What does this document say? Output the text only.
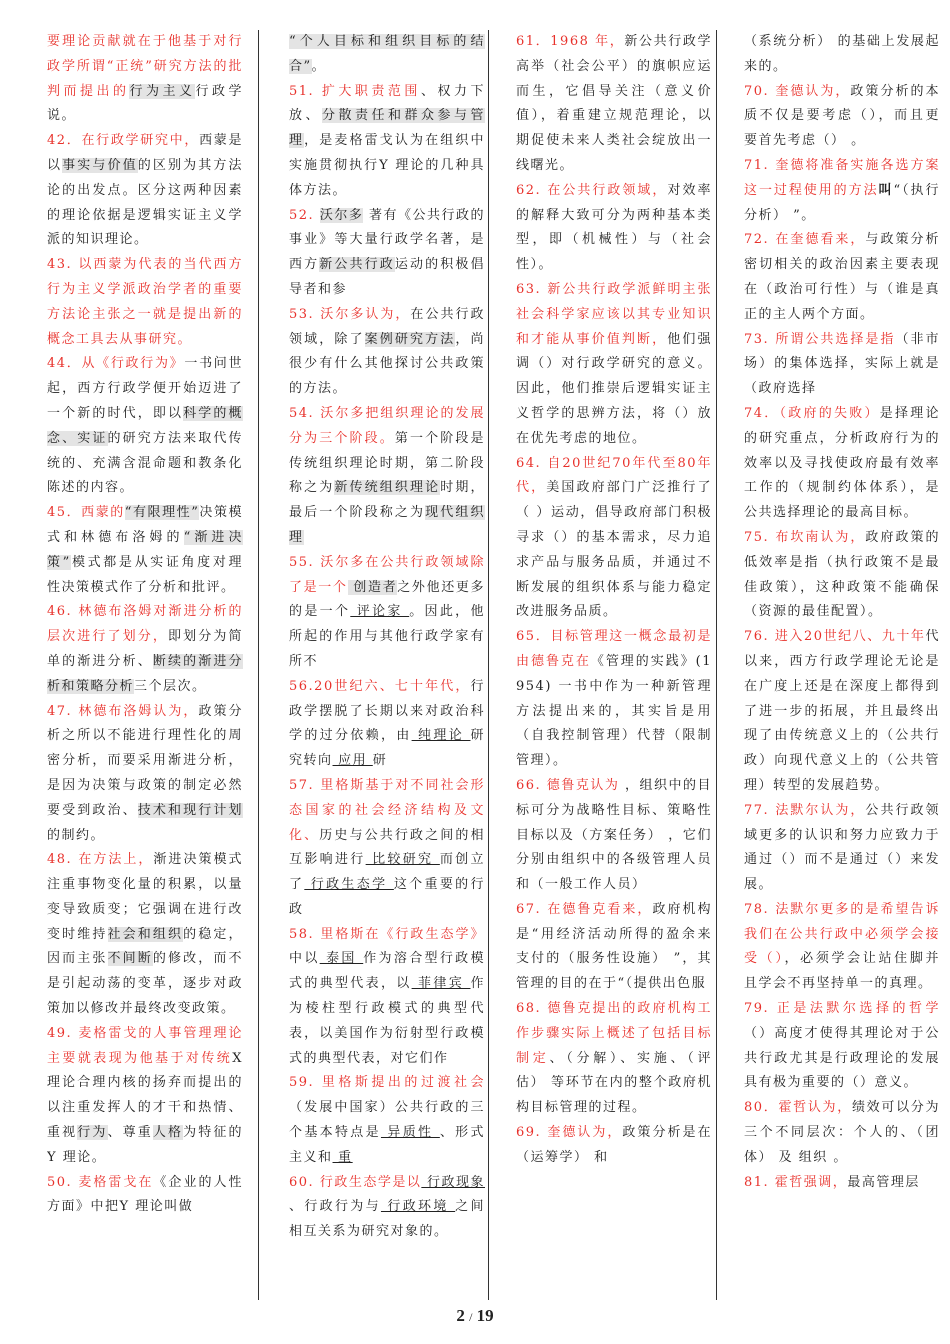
要理论贡献就在于他基于对行政学所谓“正统”研究方法的批判而提出的行为主义行政学说。
42．在行政学研究中，西蒙是以事实与价值的区别为其方法论的出发点。区分这两种因素的理论依据是逻辑实证主义学派的知识理论。
43. 以西蒙为代表的当代西方行为主义学派政治学者的重要方法论主张之一就是提出新的概念工具去从事研究。
44．从《行政行为》一书问世起，西方行政学便开始迈进了一个新的时代，即以科学的概念、实证的研究方法来取代传统的、充满含混命题和教条化陈述的内容。
45．西蒙的“有限理性”决策模式和林德布洛姆的“渐进决策”模式都是从实证角度对理性决策模式作了分析和批评。
46. 林德布洛姆对渐进分析的层次进行了划分，即划分为简单的渐进分析、断续的渐进分析和策略分析三个层次。
47. 林德布洛姆认为，政策分析之所以不能进行理性化的周密分析，而要采用渐进分析，是因为决策与政策的制定必然要受到政治、技术和现行计划的制约。
48. 在方法上，渐进决策模式注重事物变化量的积累，以量变导致质变；它强调在进行改变时维持社会和组织的稳定，因而主张不间断的修改，而不是引起动荡的变革，逐步对政策加以修改并最终改变政策。
49. 麦格雷戈的人事管理理论主要就表现为他基于对传统X 理论合理内核的扬弃而提出的以注重发挥人的才干和热情、重视行为、尊重人格为特征的Y 理论。
50. 麦格雷戈在《企业的人性方面》中把Y 理论叫做
“个人目标和组织目标的结合”。
51. 扩大职责范围、权力下放、分散责任和群众参与管理，是麦格雷戈认为在组织中实施贯彻执行Y 理论的几种具体方法。
52. 沃尔多 著有《公共行政的事业》等大量行政学名著，是西方新公共行政运动的积极倡导者和参
53. 沃尔多认为，在公共行政领域，除了案例研究方法，尚很少有什么其他探讨公共政策的方法。
54. 沃尔多把组织理论的发展分为三个阶段。第一个阶段是传统组织理论时期，第二阶段称之为新传统组织理论时期，最后一个阶段称之为现代组织理
55. 沃尔多在公共行政领域除了是一个 创造者之外他还更多的是一个 评论家 。因此，他所起的作用与其他行政学家有所不
56.20世纪六、七十年代，行政学摆脱了长期以来对政治科学的过分依赖，由 纯理论 研究转向 应用 研
57. 里格斯基于对不同社会形态国家的社会经济结构及文化、历史与公共行政之间的相互影响进行 比较研究 而创立了 行政生态学 这个重要的行政
58. 里格斯在《行政生态学》中以 泰国 作为溶合型行政模式的典型代表，以 菲律宾 作为棱柱型行政模式的典型代表，以美国作为衍射型行政模式的典型代表，对它们作
59. 里格斯提出的过渡社会（发展中国家）公共行政的三个基本特点是 异质性 、形式主义和 重
60. 行政生态学是以 行政现象 、行政行为与 行政环境 之间相互关系为研究对象的。
61．1968 年，新公共行政学高举（社会公平）的旗帜应运而生，它倡导关注（意义价值），着重建立规范理论，以期促使未来人类社会绽放出一线曙光。
62. 在公共行政领域，对效率的解释大致可分为两种基本类型，即（机械性）与（社会性）。
63. 新公共行政学派鲜明主张社会科学家应该以其专业知识和才能从事价值判断，他们强调（）对行政学研究的意义。因此，他们推崇后逻辑实证主义哲学的思辨方法，将（）放在优先考虑的地位。
64. 自20世纪70年代至80年代，美国政府部门广泛推行了（ ）运动，倡导政府部门积极寻求（）的基本需求，尽力追求产品与服务品质，并通过不断发展的组织体系与能力稳定改进服务品质。
65．目标管理这一概念最初是由德鲁克在《管理的实践》(1954) 一书中作为一种新管理方法提出来的，其实旨是用（自我控制管理）代替（限制管理）。
66. 德鲁克认为 ，组织中的目标可分为战略性目标、策略性目标以及（方案任务） ，它们分别由组织中的各级管理人员和（一般工作人员）
67. 在德鲁克看来，政府机构是“用经济活动所得的盈余来支付的（服务性设施） ”，其管理的目的在于“（提供出色服
68. 德鲁克提出的政府机构工作步骤实际上概述了包括目标制定、（分解）、实施、（评估） 等环节在内的整个政府机构目标管理的过程。
69. 奎德认为，政策分析是在（运筹学） 和
（系统分析） 的基础上发展起来的。
70. 奎德认为，政策分析的本质不仅是要考虑（），而且更要首先考虑（） 。
71. 奎德将准备实施各选方案这一过程使用的方法叫“（执行分析） ”。
72. 在奎德看来，与政策分析密切相关的政治因素主要表现在（政治可行性）与（谁是真正的主人两个方面。
73. 所谓公共选择是指（非市场）的集体选择，实际上就是（政府选择
74．（政府的失败）是择理论的研究重点，分析政府行为的效率以及寻找使政府最有效率工作的（规制约体体系），是公共选择理论的最高目标。
75. 布坎南认为，政府政策的低效率是指（执行政策不是最佳政策），这种政策不能确保（资源的最佳配置）。
76. 进入20世纪八、九十年代以来，西方行政学理论无论是在广度上还是在深度上都得到了进一步的拓展，并且最终出现了由传统意义上的（公共行政）向现代意义上的（公共管理）转型的发展趋势。
77. 法默尔认为，公共行政领域更多的认识和努力应致力于通过（）而不是通过（）来发展。
78. 法默尔更多的是希望告诉我们在公共行政中必须学会接受（），必须学会让站住脚并且学会不再坚持单一的真理。
79. 正是法默尔选择的哲学（）高度才使得其理论对于公共行政尤其是行政理论的发展具有极为重要的（）意义。
80．霍哲认为，绩效可以分为三个不同层次：个人的、（团体） 及 组织 。
81. 霍哲强调，最高管理层
2 / 19
